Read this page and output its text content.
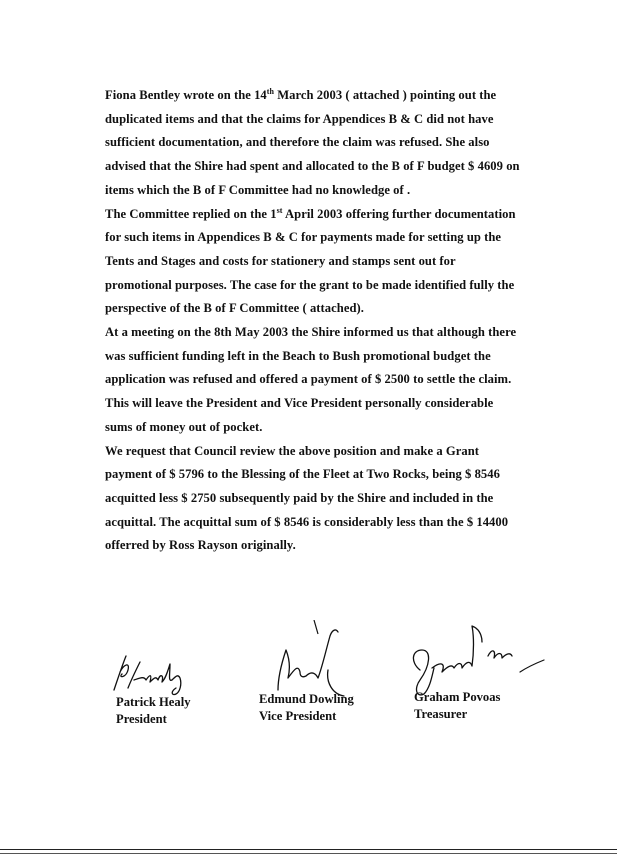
Fiona Bentley wrote on the 14th March 2003 ( attached ) pointing out the
duplicated items and that the claims for Appendices B & C did not have
sufficient documentation, and therefore the claim was refused. She also
advised that the Shire had spent and allocated to the B of F budget $ 4609 on
items which the B of F Committee had no knowledge of .
The Committee replied on the 1st April 2003 offering further documentation
for such items in Appendices B & C for payments made for setting up the
Tents and Stages and costs for stationery and stamps sent out for
promotional purposes. The case for the grant to be made identified fully the
perspective of the B of F Committee ( attached).
At a meeting on the 8th May 2003 the Shire informed us that although there
was sufficient funding left in the Beach to Bush promotional budget the
application was refused and offered a payment of $ 2500 to settle the claim.
This will leave the President and Vice President personally considerable
sums of money out of pocket.
We request that Council review the above position and make a Grant
payment of $ 5796 to the Blessing of the Fleet at Two Rocks, being $ 8546
acquitted less $ 2750 subsequently paid by the Shire and included in the
acquittal. The acquittal sum of $ 8546 is considerably less than the $ 14400
offerred by Ross Rayson originally.
Patrick Healy
President
Edmund Dowling
Vice President
Graham Povoas
Treasurer
